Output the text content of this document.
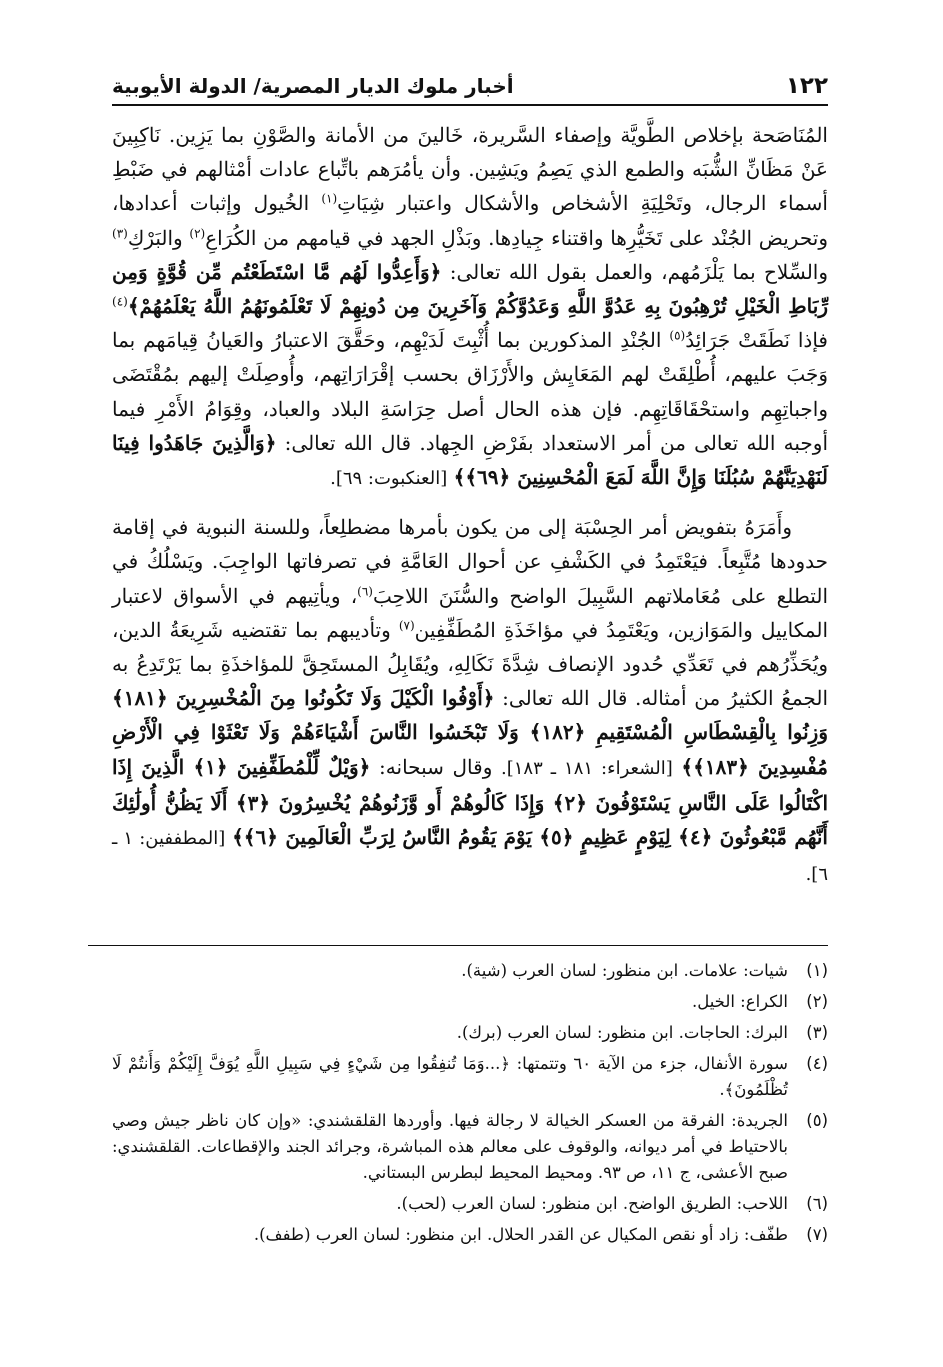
١٢٢
أخبار ملوك الديار المصرية/ الدولة الأيوبية

المُنَاصَحة بإخلاص الطَّويَّة وإصفاء السَّريرة، خَالينَ من الأمانة والصَّوْنِ بما يَزِين. نَاكِبِينَ عَنْ مَظَانِّ الشُّبَه والطمع الذي يَصِمُ ويَشِين. وأن يأمُرَهم باتِّباع عادات أمْثالهم في ضَبْطِ أسماء الرجال، وتَحْلِيَةِ الأشخاص والأشكال واعتبار شِيَاتِ$^{(١)}$ الخُيول وإثبات أعدادها، وتحريض الجُنْد على تَخَيُّرِها واقتناء جِيادِها. وبَذْلِ الجهد في قيامهم من الكُرَاعِ$^{(٢)}$ والبَرْكِ$^{(٣)}$ والسِّلاح بما يَلْزَمُهم، والعمل بقول الله تعالى: ﴿وَأَعِدُّوا لَهُم مَّا اسْتَطَعْتُم مِّن قُوَّةٍ وَمِن رِّبَاطِ الْخَيْلِ تُرْهِبُونَ بِهِ عَدُوَّ اللَّهِ وَعَدُوَّكُمْ وَآخَرِينَ مِن دُونِهِمْ لَا تَعْلَمُونَهُمُ اللَّهُ يَعْلَمُهُمْ﴾$^{(٤)}$ فإذا نَطَقَتْ جَرَائِدُ$^{(٥)}$ الجُنْدِ المذكورين بما أُثْبِتَ لَدَيْهِم، وحَقَّقَ الاعتبارُ والعَيانُ قِيامَهم بما وَجَبَ عليهم، أُطْلِقَتْ لهم المَعَايِش والأَرْزَاق بحسب إقْرَارَاتِهم، وأُوصِلَتْ إليهم بمُقْتَضَى واجباتِهِم واستحْقَاقَاتِهِم. فإن هذه الحال أصل حِرَاسَةِ البلاد والعباد، وقِوَامُ الأَمْرِ فيما أوجبه الله تعالى من أمر الاستعداد بفَرْضِ الجِهاد. قال الله تعالى: ﴿وَالَّذِينَ جَاهَدُوا فِينَا لَنَهْدِيَنَّهُمْ سُبُلَنَا وَإِنَّ اللَّهَ لَمَعَ الْمُحْسِنِينَ ﴿٦٩﴾﴾ [العنكبوت: ٦٩].

وأَمَرَهُ بتفويض أمر الحِسْبَة إلى من يكون بأمرها مضطلِعاً، وللسنة النبوية في إقامة حدودها مُتَّبِعاً. فيَعْتَمِدُ في الكَشْفِ عن أحوال العَامَّةِ في تصرفاتها الواجِبَ. ويَسْلُكُ في التطلع على مُعَاملاتهم السَّبِيلَ الواضح والسُّنَنَ اللاحِبَ$^{(٦)}$، ويأتِيهم في الأسواق لاعتبار المكاييل والمَوَازين، ويَعْتَمِدُ في مؤاخَذَةِ المُطَفِّفِين$^{(٧)}$ وتأديبهم بما تقتضيه شَرِيعَةُ الدين، ويُحَذِّرُهم في تَعَدِّي حُدود الإنصاف شِدَّةَ نَكَالِهِ، ويُقَابِلُ المستَحِقَّ للمؤاخذَةِ بما يَرْتَدِعُ به الجمعُ الكثيرُ من أمثاله. قال الله تعالى: ﴿أَوْفُوا الْكَيْلَ وَلَا تَكُونُوا مِنَ الْمُخْسِرِينَ ﴿١٨١﴾ وَزِنُوا بِالْقِسْطَاسِ الْمُسْتَقِيمِ ﴿١٨٢﴾ وَلَا تَبْخَسُوا النَّاسَ أَشْيَاءَهُمْ وَلَا تَعْثَوْا فِي الْأَرْضِ مُفْسِدِينَ ﴿١٨٣﴾﴾ [الشعراء: ١٨١ ـ ١٨٣]. وقال سبحانه: ﴿وَيْلٌ لِّلْمُطَفِّفِينَ ﴿١﴾ الَّذِينَ إِذَا اكْتَالُوا عَلَى النَّاسِ يَسْتَوْفُونَ ﴿٢﴾ وَإِذَا كَالُوهُمْ أَو وَّزَنُوهُمْ يُخْسِرُونَ ﴿٣﴾ أَلَا يَظُنُّ أُولَٰئِكَ أَنَّهُم مَّبْعُوثُونَ ﴿٤﴾ لِيَوْمٍ عَظِيمٍ ﴿٥﴾ يَوْمَ يَقُومُ النَّاسُ لِرَبِّ الْعَالَمِينَ ﴿٦﴾﴾ [المطففين: ١ ـ ٦].

(١)
شيات: علامات. ابن منظور: لسان العرب (شية).
(٢)
الكراع: الخيل.
(٣)
البرك: الحاجات. ابن منظور: لسان العرب (برك).
(٤)
سورة الأنفال، جزء من الآية ٦٠ وتتمتها: ﴿...وَمَا تُنفِقُوا مِن شَيْءٍ فِي سَبِيلِ اللَّهِ يُوَفَّ إِلَيْكُمْ وَأَنتُمْ لَا تُظْلَمُونَ﴾.
(٥)
الجريدة: الفرقة من العسكر الخيالة لا رجالة فيها. وأوردها القلقشندي: «وإن كان ناظر جيش وصي بالاحتياط في أمر ديوانه، والوقوف على معالم هذه المباشرة، وجرائد الجند والإقطاعات. القلقشندي: صبح الأعشى، ج ١١، ص ٩٣. ومحيط المحيط لبطرس البستاني.
(٦)
اللاحب: الطريق الواضح. ابن منظور: لسان العرب (لحب).
(٧)
طفّف: زاد أو نقص المكيال عن القدر الحلال. ابن منظور: لسان العرب (طفف).
